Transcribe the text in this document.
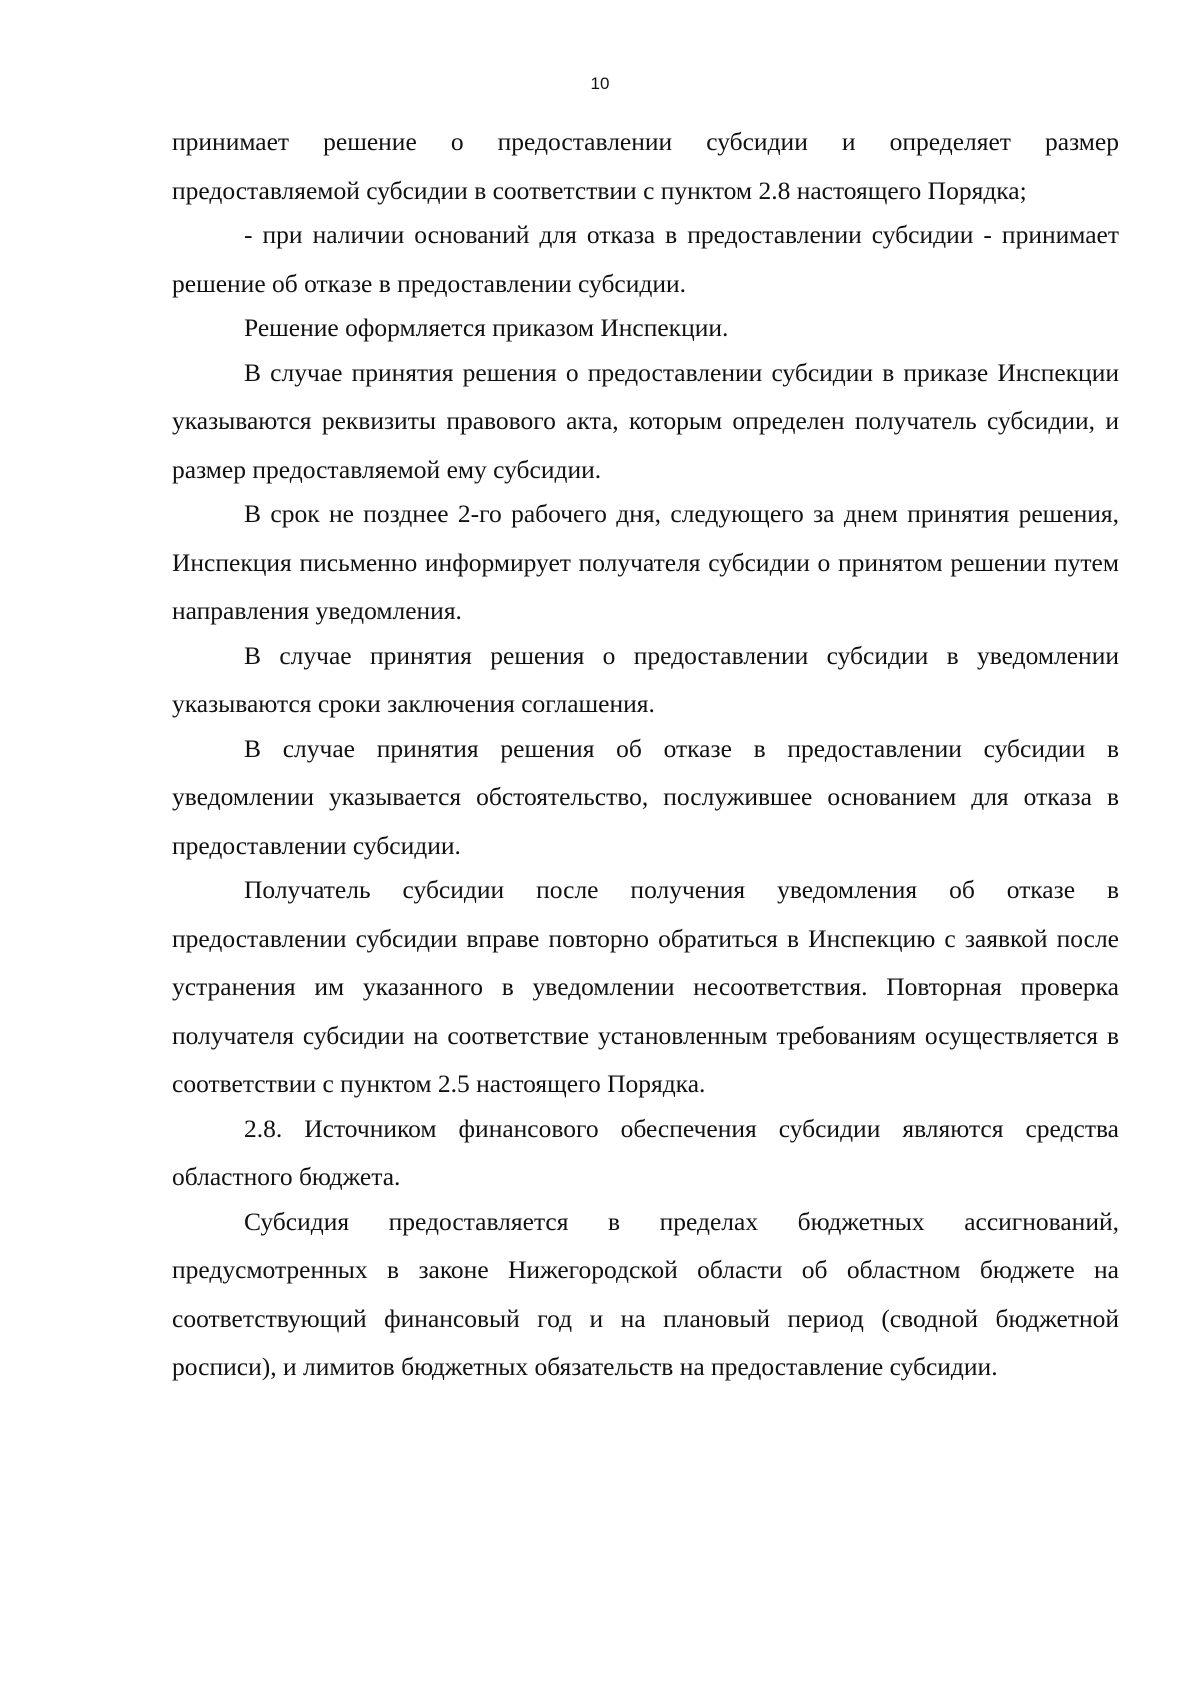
10

принимает решение о предоставлении субсидии и определяет размер предоставляемой субсидии в соответствии с пунктом 2.8 настоящего Порядка;

- при наличии оснований для отказа в предоставлении субсидии - принимает решение об отказе в предоставлении субсидии.

Решение оформляется приказом Инспекции.

В случае принятия решения о предоставлении субсидии в приказе Инспекции указываются реквизиты правового акта, которым определен получатель субсидии, и размер предоставляемой ему субсидии.

В срок не позднее 2-го рабочего дня, следующего за днем принятия решения, Инспекция письменно информирует получателя субсидии о принятом решении путем направления уведомления.

В случае принятия решения о предоставлении субсидии в уведомлении указываются сроки заключения соглашения.

В случае принятия решения об отказе в предоставлении субсидии в уведомлении указывается обстоятельство, послужившее основанием для отказа в предоставлении субсидии.

Получатель субсидии после получения уведомления об отказе в предоставлении субсидии вправе повторно обратиться в Инспекцию с заявкой после устранения им указанного в уведомлении несоответствия. Повторная проверка получателя субсидии на соответствие установленным требованиям осуществляется в соответствии с пунктом 2.5 настоящего Порядка.

2.8. Источником финансового обеспечения субсидии являются средства областного бюджета.

Субсидия предоставляется в пределах бюджетных ассигнований, предусмотренных в законе Нижегородской области об областном бюджете на соответствующий финансовый год и на плановый период (сводной бюджетной росписи), и лимитов бюджетных обязательств на предоставление субсидии.
